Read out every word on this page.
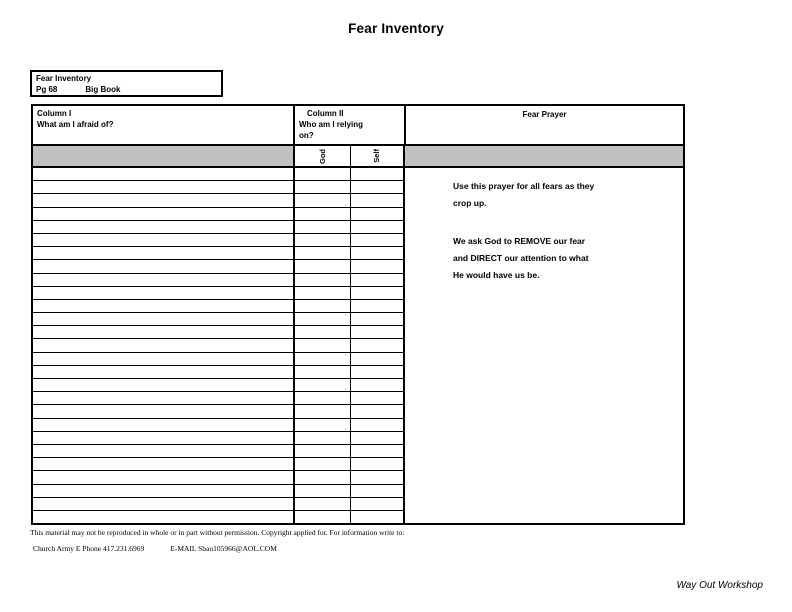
Fear Inventory
Fear Inventory
Pg 68	Big Book
Column I
What am I afraid of?
Column II
Who am I relying
on?
Fear Prayer
God	Self

Use this prayer for all fears as they
crop up.

We ask God to REMOVE our fear
and DIRECT our attention to what
He would have us be.

This material may not be reproduced in whole or in part without permission. Copyright applied for. For information write to:
Church Army E Phone 417.231.6969	E-MAIL Sbau105966@AOL.COM
Way Out Workshop
